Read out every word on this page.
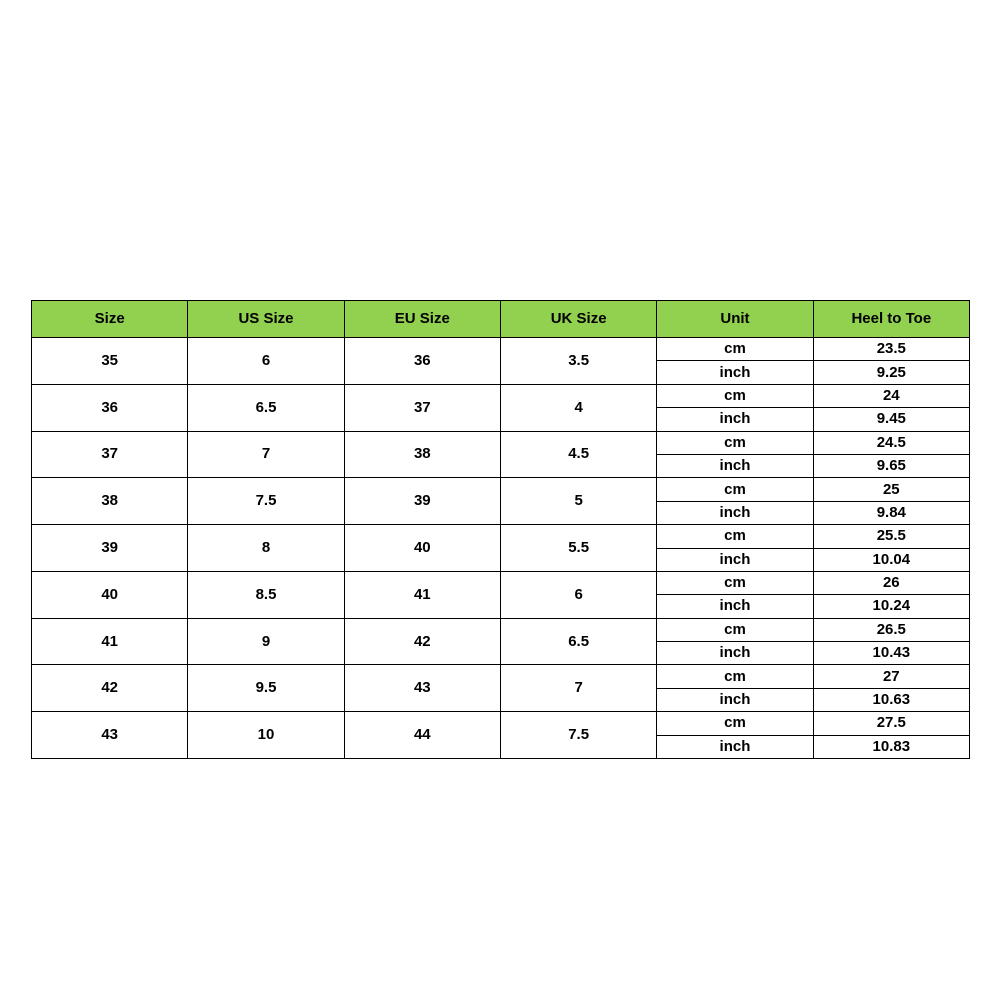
Size	US Size	EU Size	UK Size	Unit	Heel to Toe
35	6	36	3.5	cm	23.5
				inch	9.25
36	6.5	37	4	cm	24
				inch	9.45
37	7	38	4.5	cm	24.5
				inch	9.65
38	7.5	39	5	cm	25
				inch	9.84
39	8	40	5.5	cm	25.5
				inch	10.04
40	8.5	41	6	cm	26
				inch	10.24
41	9	42	6.5	cm	26.5
				inch	10.43
42	9.5	43	7	cm	27
				inch	10.63
43	10	44	7.5	cm	27.5
				inch	10.83
